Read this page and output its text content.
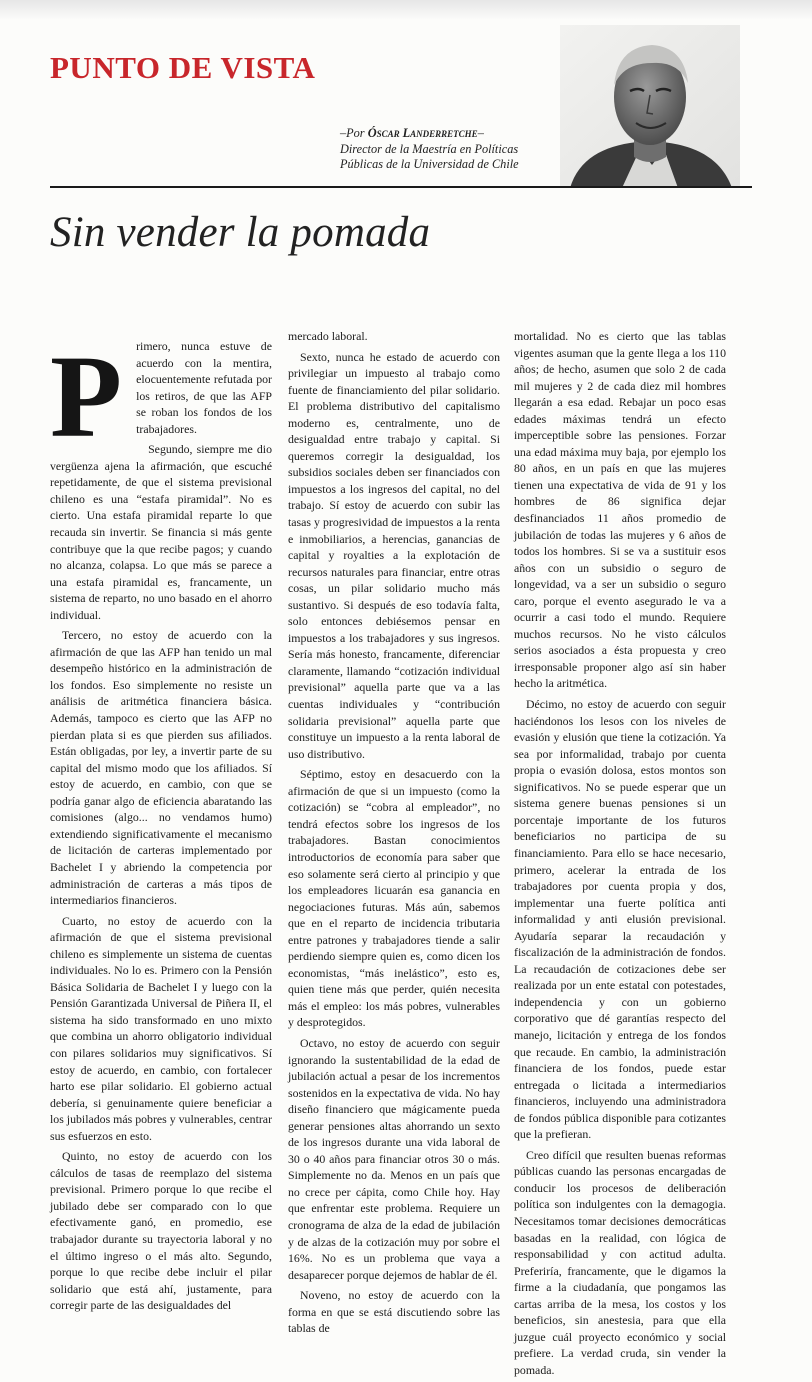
PUNTO DE VISTA
–Por Óscar Landerretche–
Director de la Maestría en Políticas Públicas de la Universidad de Chile
Sin vender la pomada

P rimero, nunca estuve de acuerdo con la mentira, elocuentemente refutada por los retiros, de que las AFP se roban los fondos de los trabajadores.

Segundo, siempre me dio vergüenza ajena la afirmación, que escuché repetidamente, de que el sistema previsional chileno es una “estafa piramidal”. No es cierto. Una estafa piramidal reparte lo que recauda sin invertir. Se financia si más gente contribuye que la que recibe pagos; y cuando no alcanza, colapsa. Lo que más se parece a una estafa piramidal es, francamente, un sistema de reparto, no uno basado en el ahorro individual.

Tercero, no estoy de acuerdo con la afirmación de que las AFP han tenido un mal desempeño histórico en la administración de los fondos. Eso simplemente no resiste un análisis de aritmética financiera básica. Además, tampoco es cierto que las AFP no pierdan plata si es que pierden sus afiliados. Están obligadas, por ley, a invertir parte de su capital del mismo modo que los afiliados. Sí estoy de acuerdo, en cambio, con que se podría ganar algo de eficiencia abaratando las comisiones (algo... no vendamos humo) extendiendo significativamente el mecanismo de licitación de carteras implementado por Bachelet I y abriendo la competencia por administración de carteras a más tipos de intermediarios financieros.

Cuarto, no estoy de acuerdo con la afirmación de que el sistema previsional chileno es simplemente un sistema de cuentas individuales. No lo es. Primero con la Pensión Básica Solidaria de Bachelet I y luego con la Pensión Garantizada Universal de Piñera II, el sistema ha sido transformado en uno mixto que combina un ahorro obligatorio individual con pilares solidarios muy significativos. Sí estoy de acuerdo, en cambio, con fortalecer harto ese pilar solidario. El gobierno actual debería, si genuinamente quiere beneficiar a los jubilados más pobres y vulnerables, centrar sus esfuerzos en esto.

Quinto, no estoy de acuerdo con los cálculos de tasas de reemplazo del sistema previsional. Primero porque lo que recibe el jubilado debe ser comparado con lo que efectivamente ganó, en promedio, ese trabajador durante su trayectoria laboral y no el último ingreso o el más alto. Segundo, porque lo que recibe debe incluir el pilar solidario que está ahí, justamente, para corregir parte de las desigualdades del

mercado laboral.

Sexto, nunca he estado de acuerdo con privilegiar un impuesto al trabajo como fuente de financiamiento del pilar solidario. El problema distributivo del capitalismo moderno es, centralmente, uno de desigualdad entre trabajo y capital. Si queremos corregir la desigualdad, los subsidios sociales deben ser financiados con impuestos a los ingresos del capital, no del trabajo. Sí estoy de acuerdo con subir las tasas y progresividad de impuestos a la renta e inmobiliarios, a herencias, ganancias de capital y royalties a la explotación de recursos naturales para financiar, entre otras cosas, un pilar solidario mucho más sustantivo. Si después de eso todavía falta, solo entonces debiésemos pensar en impuestos a los trabajadores y sus ingresos. Sería más honesto, francamente, diferenciar claramente, llamando “cotización individual previsional” aquella parte que va a las cuentas individuales y “contribución solidaria previsional” aquella parte que constituye un impuesto a la renta laboral de uso distributivo.

Séptimo, estoy en desacuerdo con la afirmación de que si un impuesto (como la cotización) se “cobra al empleador”, no tendrá efectos sobre los ingresos de los trabajadores. Bastan conocimientos introductorios de economía para saber que eso solamente será cierto al principio y que los empleadores licuarán esa ganancia en negociaciones futuras. Más aún, sabemos que en el reparto de incidencia tributaria entre patrones y trabajadores tiende a salir perdiendo siempre quien es, como dicen los economistas, “más inelástico”, esto es, quien tiene más que perder, quién necesita más el empleo: los más pobres, vulnerables y desprotegidos.

Octavo, no estoy de acuerdo con seguir ignorando la sustentabilidad de la edad de jubilación actual a pesar de los incrementos sostenidos en la expectativa de vida. No hay diseño financiero que mágicamente pueda generar pensiones altas ahorrando un sexto de los ingresos durante una vida laboral de 30 o 40 años para financiar otros 30 o más. Simplemente no da. Menos en un país que no crece per cápita, como Chile hoy. Hay que enfrentar este problema. Requiere un cronograma de alza de la edad de jubilación y de alzas de la cotización muy por sobre el 16%. No es un problema que vaya a desaparecer porque dejemos de hablar de él.

Noveno, no estoy de acuerdo con la forma en que se está discutiendo sobre las tablas de

mortalidad. No es cierto que las tablas vigentes asuman que la gente llega a los 110 años; de hecho, asumen que solo 2 de cada mil mujeres y 2 de cada diez mil hombres llegarán a esa edad. Rebajar un poco esas edades máximas tendrá un efecto imperceptible sobre las pensiones. Forzar una edad máxima muy baja, por ejemplo los 80 años, en un país en que las mujeres tienen una expectativa de vida de 91 y los hombres de 86 significa dejar desfinanciados 11 años promedio de jubilación de todas las mujeres y 6 años de todos los hombres. Si se va a sustituir esos años con un subsidio o seguro de longevidad, va a ser un subsidio o seguro caro, porque el evento asegurado le va a ocurrir a casi todo el mundo. Requiere muchos recursos. No he visto cálculos serios asociados a ésta propuesta y creo irresponsable proponer algo así sin haber hecho la aritmética.

Décimo, no estoy de acuerdo con seguir haciéndonos los lesos con los niveles de evasión y elusión que tiene la cotización. Ya sea por informalidad, trabajo por cuenta propia o evasión dolosa, estos montos son significativos. No se puede esperar que un sistema genere buenas pensiones si un porcentaje importante de los futuros beneficiarios no participa de su financiamiento. Para ello se hace necesario, primero, acelerar la entrada de los trabajadores por cuenta propia y dos, implementar una fuerte política anti informalidad y anti elusión previsional. Ayudaría separar la recaudación y fiscalización de la administración de fondos. La recaudación de cotizaciones debe ser realizada por un ente estatal con potestades, independencia y con un gobierno corporativo que dé garantías respecto del manejo, licitación y entrega de los fondos que recaude. En cambio, la administración financiera de los fondos, puede estar entregada o licitada a intermediarios financieros, incluyendo una administradora de fondos pública disponible para cotizantes que la prefieran.

Creo difícil que resulten buenas reformas públicas cuando las personas encargadas de conducir los procesos de deliberación política son indulgentes con la demagogia. Necesitamos tomar decisiones democráticas basadas en la realidad, con lógica de responsabilidad y con actitud adulta. Preferiría, francamente, que le digamos la firme a la ciudadanía, que pongamos las cartas arriba de la mesa, los costos y los beneficios, sin anestesia, para que ella juzgue cuál proyecto económico y social prefiere. La verdad cruda, sin vender la pomada.
